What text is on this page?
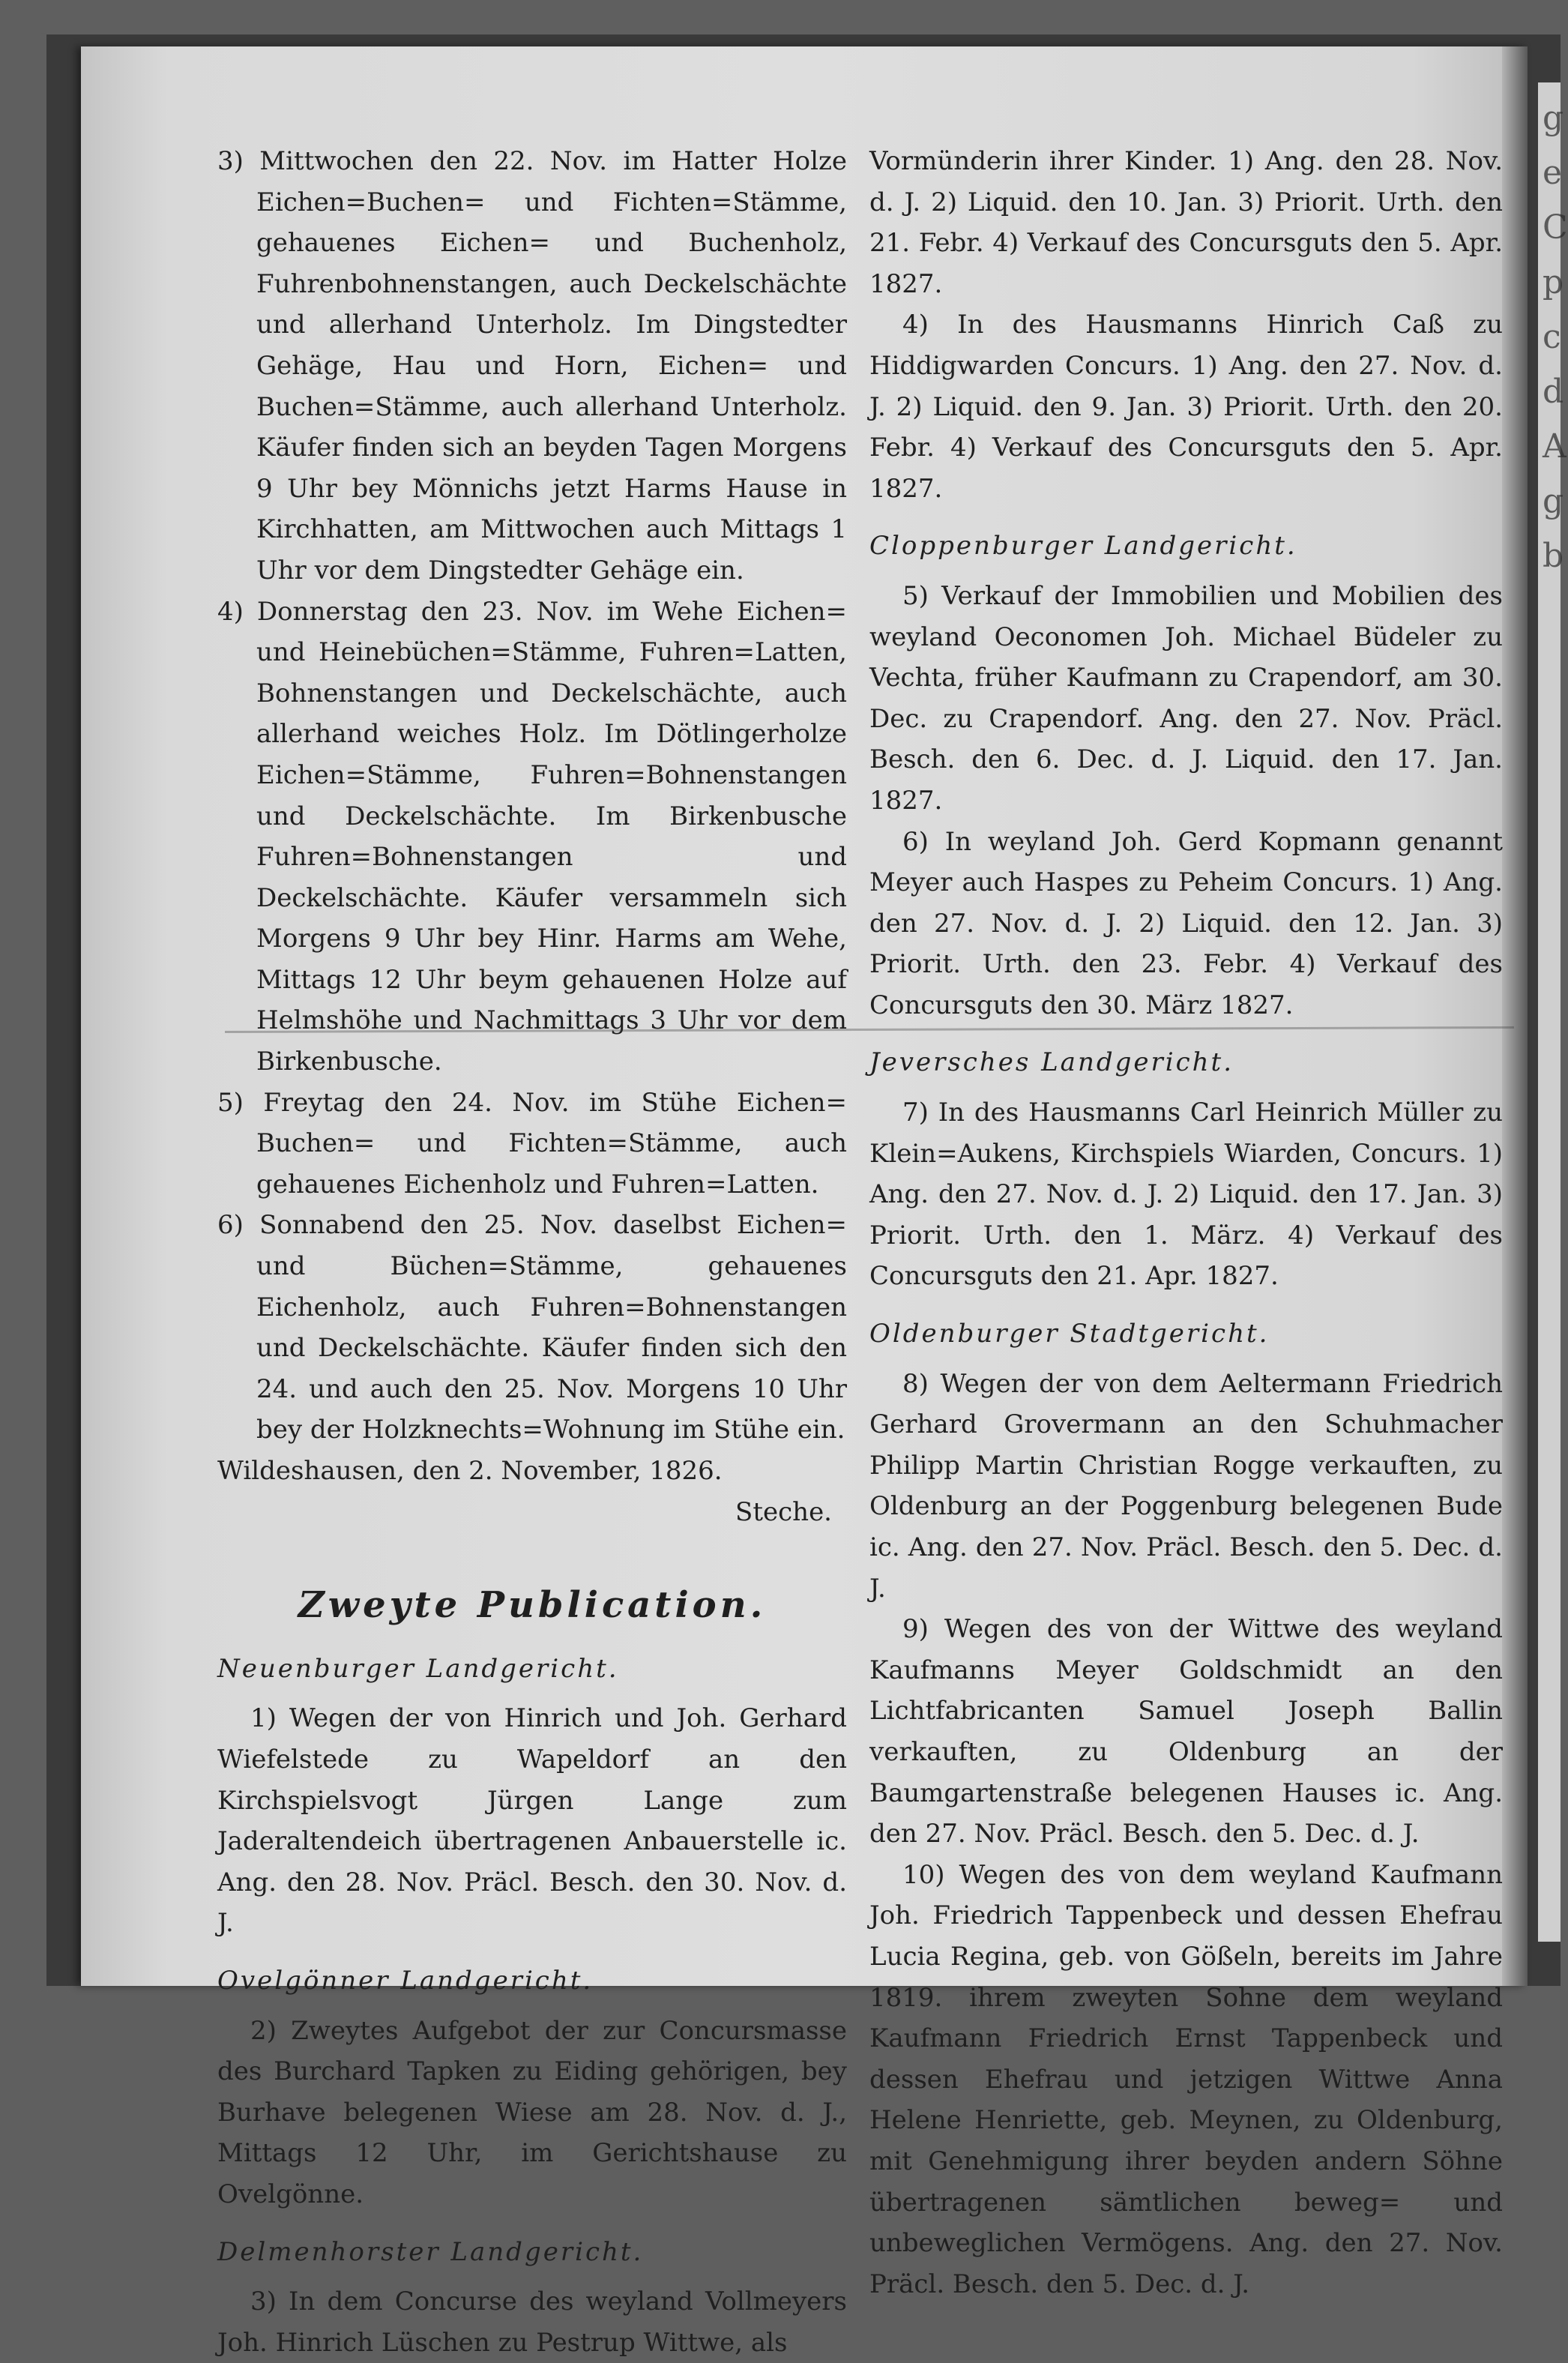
g
e
C
p
c
d
A
g
b

3) Mittwochen den 22. Nov. im Hatter Holze Eichen=Buchen= und Fichten=Stämme, gehauenes Eichen= und Buchenholz, Fuhrenbohnenstangen, auch Deckelschächte und allerhand Unterholz. Im Dingstedter Gehäge, Hau und Horn, Eichen= und Buchen=Stämme, auch allerhand Unterholz. Käufer finden sich an beyden Tagen Morgens 9 Uhr bey Mönnichs jetzt Harms Hause in Kirchhatten, am Mittwochen auch Mittags 1 Uhr vor dem Dingstedter Gehäge ein.

4) Donnerstag den 23. Nov. im Wehe Eichen= und Heinebüchen=Stämme, Fuhren=Latten, Bohnenstangen und Deckelschächte, auch allerhand weiches Holz. Im Dötlingerholze Eichen=Stämme, Fuhren=Bohnenstangen und Deckelschächte. Im Birkenbusche Fuhren=Bohnenstangen und Deckelschächte. Käufer versammeln sich Morgens 9 Uhr bey Hinr. Harms am Wehe, Mittags 12 Uhr beym gehauenen Holze auf Helmshöhe und Nachmittags 3 Uhr vor dem Birkenbusche.

5) Freytag den 24. Nov. im Stühe Eichen= Buchen= und Fichten=Stämme, auch gehauenes Eichenholz und Fuhren=Latten.

6) Sonnabend den 25. Nov. daselbst Eichen= und Büchen=Stämme, gehauenes Eichenholz, auch Fuhren=Bohnenstangen und Deckelschächte. Käufer finden sich den 24. und auch den 25. Nov. Morgens 10 Uhr bey der Holzknechts=Wohnung im Stühe ein.

Wildeshausen, den 2. November, 1826.

Steche.

Zweyte Publication.

Neuenburger Landgericht.

1) Wegen der von Hinrich und Joh. Gerhard Wiefelstede zu Wapeldorf an den Kirchspielsvogt Jürgen Lange zum Jaderaltendeich übertragenen Anbauerstelle ic. Ang. den 28. Nov. Präcl. Besch. den 30. Nov. d. J.

Ovelgönner Landgericht.

2) Zweytes Aufgebot der zur Concursmasse des Burchard Tapken zu Eiding gehörigen, bey Burhave belegenen Wiese am 28. Nov. d. J., Mittags 12 Uhr, im Gerichtshause zu Ovelgönne.

Delmenhorster Landgericht.

3) In dem Concurse des weyland Vollmeyers Joh. Hinrich Lüschen zu Pestrup Wittwe, als

Vormünderin ihrer Kinder. 1) Ang. den 28. Nov. d. J. 2) Liquid. den 10. Jan. 3) Priorit. Urth. den 21. Febr. 4) Verkauf des Concursguts den 5. Apr. 1827.

4) In des Hausmanns Hinrich Caß zu Hiddigwarden Concurs. 1) Ang. den 27. Nov. d. J. 2) Liquid. den 9. Jan. 3) Priorit. Urth. den 20. Febr. 4) Verkauf des Concursguts den 5. Apr. 1827.

Cloppenburger Landgericht.

5) Verkauf der Immobilien und Mobilien des weyland Oeconomen Joh. Michael Büdeler zu Vechta, früher Kaufmann zu Crapendorf, am 30. Dec. zu Crapendorf. Ang. den 27. Nov. Präcl. Besch. den 6. Dec. d. J. Liquid. den 17. Jan. 1827.

6) In weyland Joh. Gerd Kopmann genannt Meyer auch Haspes zu Peheim Concurs. 1) Ang. den 27. Nov. d. J. 2) Liquid. den 12. Jan. 3) Priorit. Urth. den 23. Febr. 4) Verkauf des Concursguts den 30. März 1827.

Jeversches Landgericht.

7) In des Hausmanns Carl Heinrich Müller zu Klein=Aukens, Kirchspiels Wiarden, Concurs. 1) Ang. den 27. Nov. d. J. 2) Liquid. den 17. Jan. 3) Priorit. Urth. den 1. März. 4) Verkauf des Concursguts den 21. Apr. 1827.

Oldenburger Stadtgericht.

8) Wegen der von dem Aeltermann Friedrich Gerhard Grovermann an den Schuhmacher Philipp Martin Christian Rogge verkauften, zu Oldenburg an der Poggenburg belegenen Bude ic. Ang. den 27. Nov. Präcl. Besch. den 5. Dec. d. J.

9) Wegen des von der Wittwe des weyland Kaufmanns Meyer Goldschmidt an den Lichtfabricanten Samuel Joseph Ballin verkauften, zu Oldenburg an der Baumgartenstraße belegenen Hauses ic. Ang. den 27. Nov. Präcl. Besch. den 5. Dec. d. J.

10) Wegen des von dem weyland Kaufmann Joh. Friedrich Tappenbeck und dessen Ehefrau Lucia Regina, geb. von Gößeln, bereits im Jahre 1819. ihrem zweyten Sohne dem weyland Kaufmann Friedrich Ernst Tappenbeck und dessen Ehefrau und jetzigen Wittwe Anna Helene Henriette, geb. Meynen, zu Oldenburg, mit Genehmigung ihrer beyden andern Söhne übertragenen sämtlichen beweg= und unbeweglichen Vermögens. Ang. den 27. Nov. Präcl. Besch. den 5. Dec. d. J.
